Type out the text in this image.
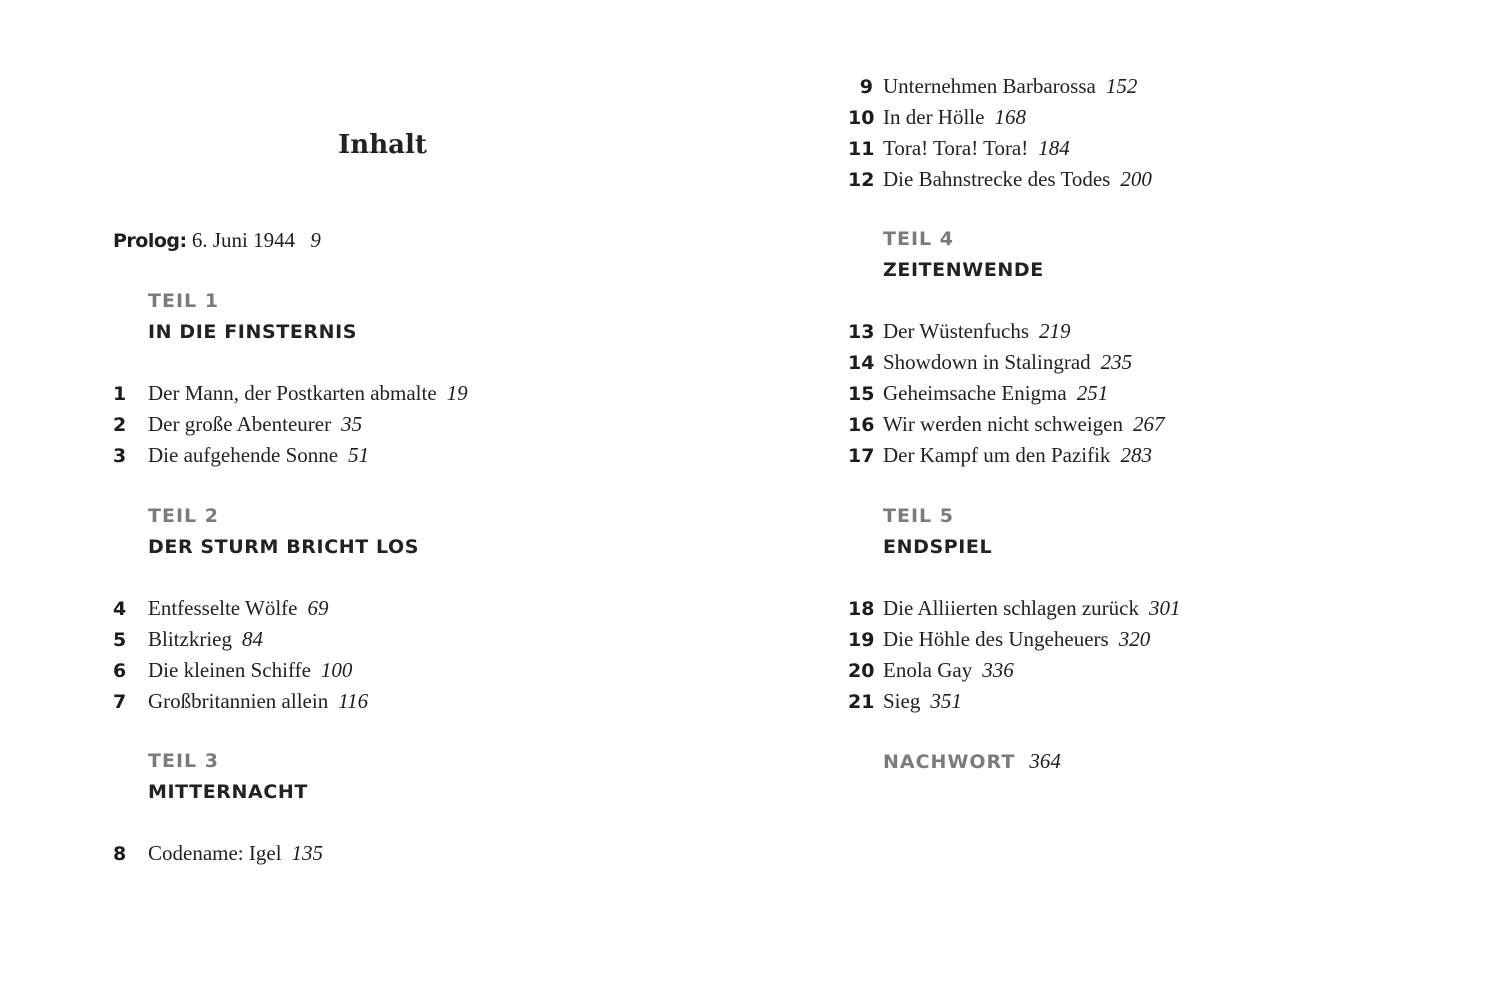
Inhalt
Prolog: 6. Juni 1944 9
TEIL 1
IN DIE FINSTERNIS
1 Der Mann, der Postkarten abmalte 19
2 Der große Abenteurer 35
3 Die aufgehende Sonne 51
TEIL 2
DER STURM BRICHT LOS
4 Entfesselte Wölfe 69
5 Blitzkrieg 84
6 Die kleinen Schiffe 100
7 Großbritannien allein 116
TEIL 3
MITTERNACHT
8 Codename: Igel 135
9 Unternehmen Barbarossa 152
10 In der Hölle 168
11 Tora! Tora! Tora! 184
12 Die Bahnstrecke des Todes 200
TEIL 4
ZEITENWENDE
13 Der Wüstenfuchs 219
14 Showdown in Stalingrad 235
15 Geheimsache Enigma 251
16 Wir werden nicht schweigen 267
17 Der Kampf um den Pazifik 283
TEIL 5
ENDSPIEL
18 Die Alliierten schlagen zurück 301
19 Die Höhle des Ungeheuers 320
20 Enola Gay 336
21 Sieg 351
NACHWORT 364
